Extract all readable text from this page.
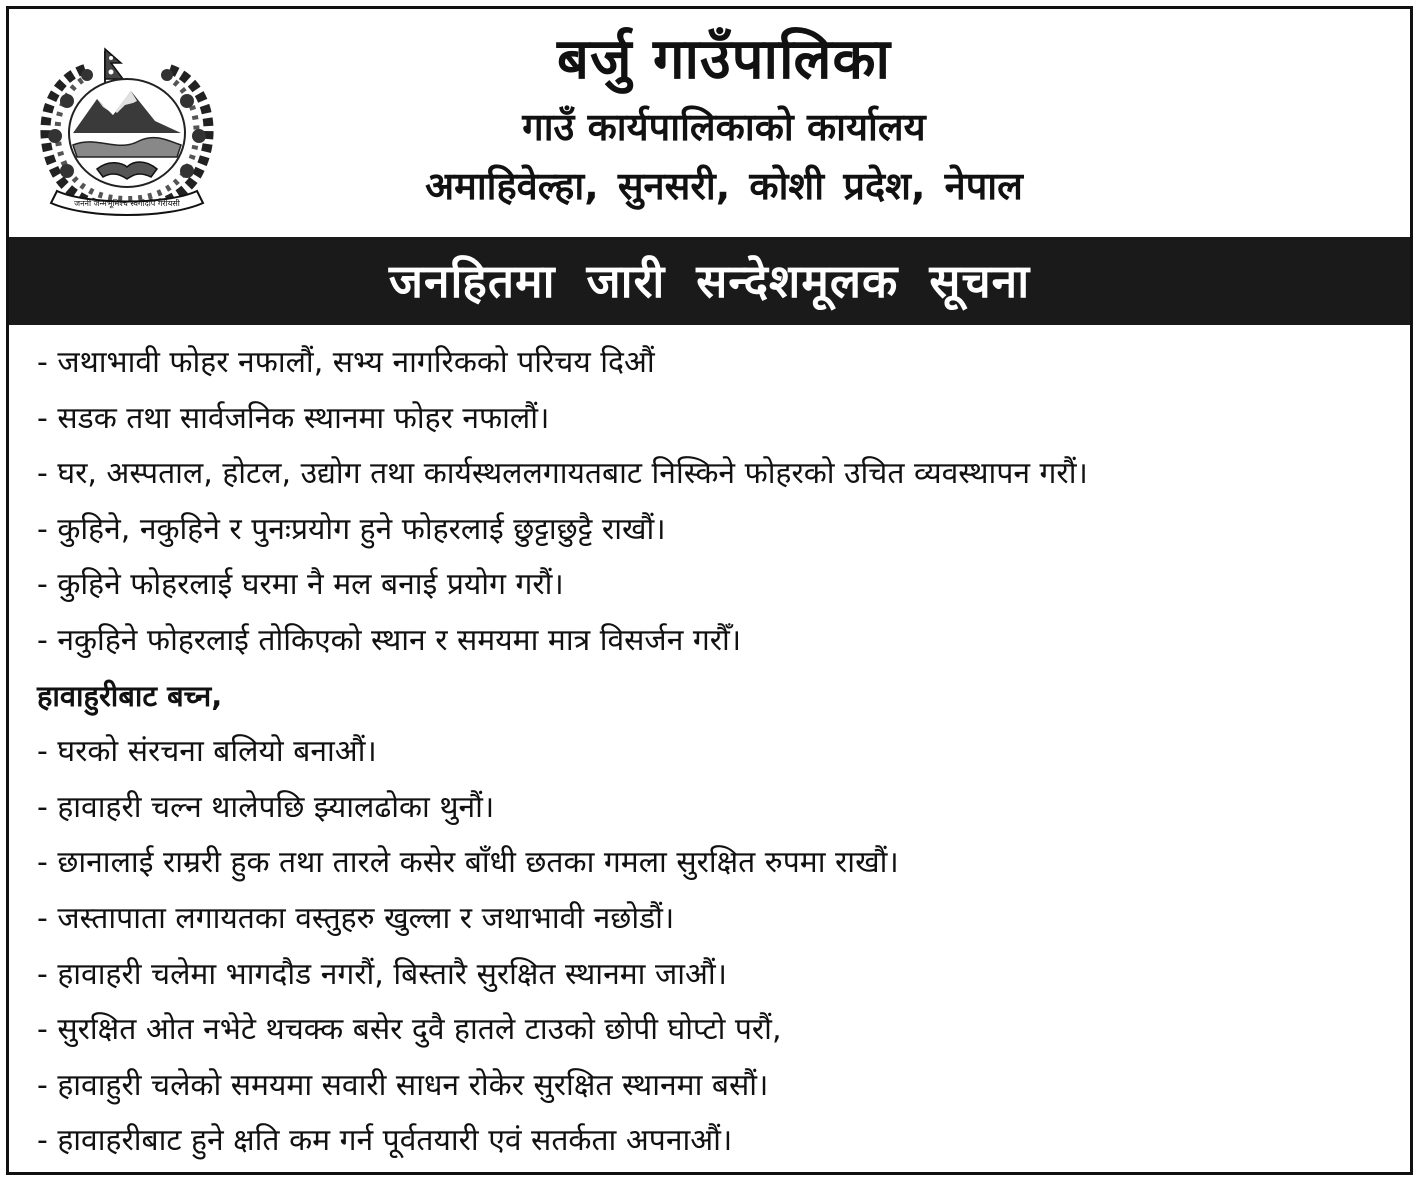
जननी जन्मभूमिश्च स्वर्गादपि गरीयसी
बर्जु गाउँपालिका
गाउँ कार्यपालिकाको कार्यालय
अमाहिवेल्हा, सुनसरी, कोशी प्रदेश, नेपाल
जनहितमा जारी सन्देशमूलक सूचना
- जथाभावी फोहर नफालौं, सभ्य नागरिकको परिचय दिऔं
- सडक तथा सार्वजनिक स्थानमा फोहर नफालौं।
- घर, अस्पताल, होटल, उद्योग तथा कार्यस्थललगायतबाट निस्किने फोहरको उचित व्यवस्थापन गरौं।
- कुहिने, नकुहिने र पुनःप्रयोग हुने फोहरलाई छुट्टाछुट्टै राखौं।
- कुहिने फोहरलाई घरमा नै मल बनाई प्रयोग गरौं।
- नकुहिने फोहरलाई तोकिएको स्थान र समयमा मात्र विसर्जन गरौँ।
हावाहुरीबाट बच्न,
- घरको संरचना बलियो बनाऔं।
- हावाहरी चल्न थालेपछि झ्यालढोका थुनौं।
- छानालाई राम्ररी हुक तथा तारले कसेर बाँधी छतका गमला सुरक्षित रुपमा राखौं।
- जस्तापाता लगायतका वस्तुहरु खुल्ला र जथाभावी नछोडौं।
- हावाहरी चलेमा भागदौड नगरौं, बिस्तारै सुरक्षित स्थानमा जाऔं।
- सुरक्षित ओत नभेटे थचक्क बसेर दुवै हातले टाउको छोपी घोप्टो परौं,
- हावाहुरी चलेको समयमा सवारी साधन रोकेर सुरक्षित स्थानमा बसौं।
- हावाहरीबाट हुने क्षति कम गर्न पूर्वतयारी एवं सतर्कता अपनाऔं।
